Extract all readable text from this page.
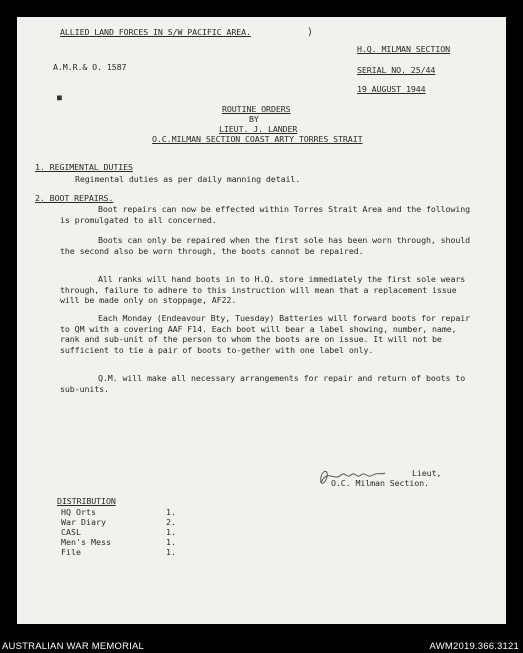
ALLIED LAND FORCES IN S/W PACIFIC AREA.	)
H.Q. MILMAN SECTION
A.M.R.& O. 1587	SERIAL NO. 25/44
19 AUGUST 1944
■
ROUTINE ORDERS
BY
LIEUT. J. LANDER
O.C.MILMAN SECTION COAST ARTY TORRES STRAIT
1. REGIMENTAL DUTIES
Regimental duties as per daily manning detail.
2. BOOT REPAIRS.
Boot repairs can now be effected within Torres Strait Area and the following is promulgated to all concerned.
Boots can only be repaired when the first sole has been worn through, should the second also be worn through, the boots cannot be repaired.
All ranks will hand boots in to H.Q. store immediately the first sole wears through, failure to adhere to this instruction will mean that a replacement issue will be made only on stoppage, AF22.
Each Monday (Endeavour Bty, Tuesday) Batteries will forward boots for repair to QM with a covering AAF F14. Each boot will bear a label showing, number, name, rank and sub-unit of the person to whom the boots are on issue. It will not be sufficient to tie a pair of boots to-gether with one label only.
Q.M. will make all necessary arrangements for repair and return of boots to sub-units.
Lieut,
O.C. Milman Section.
DISTRIBUTION
HQ Orts	1.
War Diary	2.
CASL	1.
Men's Mess	1.
File	1.
AUSTRALIAN WAR MEMORIAL	AWM2019.366.3121
